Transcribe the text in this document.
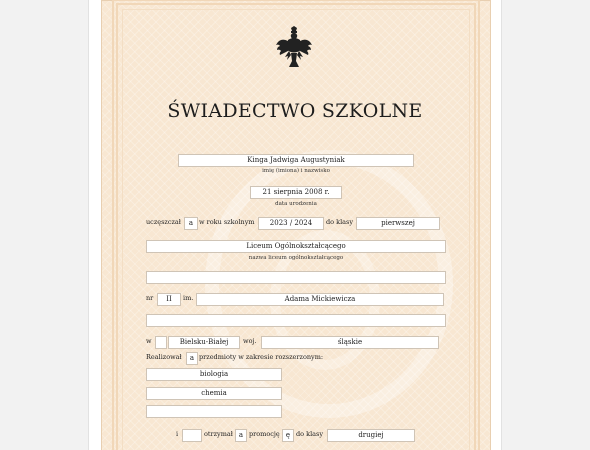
ŚWIADECTWO SZKOLNE
Kinga Jadwiga Augustyniak
imię (imiona) i nazwisko
21 sierpnia 2008 r.
data urodzenia
uczęszczał	a w roku szkolnym	2023 / 2024	do klasy	pierwszej
Liceum Ogólnokształcącego
nazwa liceum ogólnokształcącego
nr	II	im.	Adama Mickiewicza
w	Bielsku-Białej	woj.	śląskie
Realizował	a przedmioty w zakresie rozszerzonym:
biologia
chemia
i	otrzymał a promocję ę do klasy	drugiej
